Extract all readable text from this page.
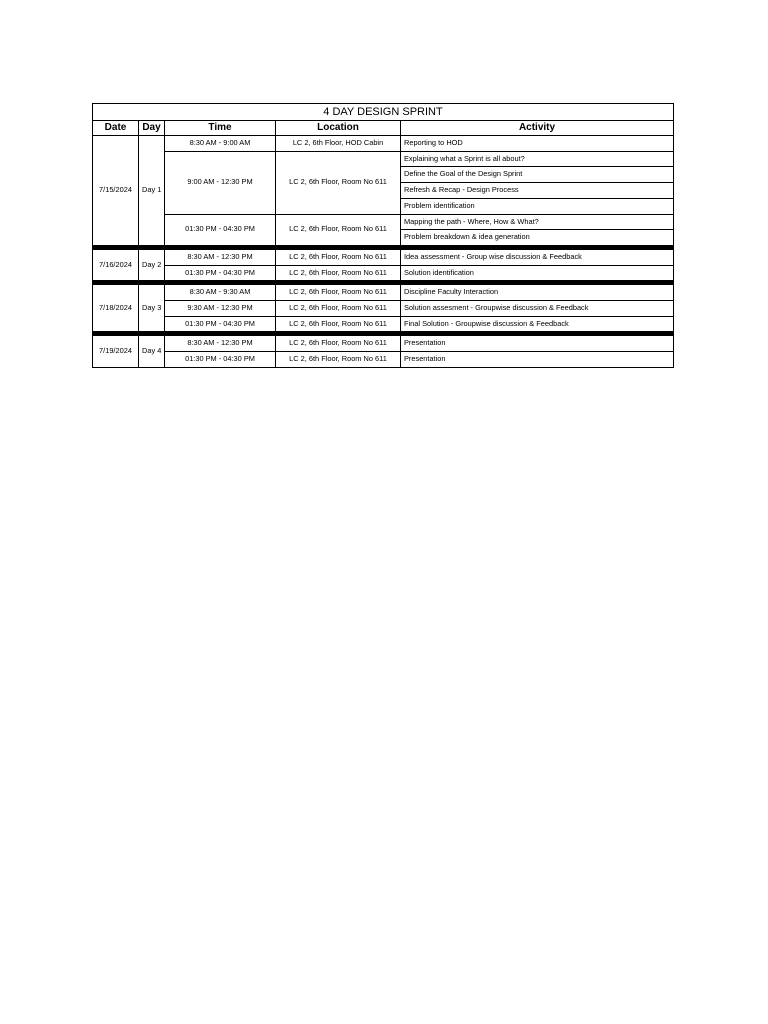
4 DAY DESIGN SPRINT				
Date	Day	Time	Location	Activity
7/15/2024	Day 1	8:30 AM - 9:00 AM	LC 2, 6th Floor, HOD Cabin	Reporting to HOD
		9:00 AM - 12:30 PM	LC 2, 6th Floor, Room No 611	Explaining what a Sprint is all about?
				Define the Goal of the Design Sprint
				Refresh & Recap - Design Process
				Problem identification
		01:30 PM - 04:30 PM	LC 2, 6th Floor, Room No 611	Mapping the path - Where, How & What?
				Problem breakdown & idea generation

7/16/2024	Day 2	8:30 AM - 12:30 PM	LC 2, 6th Floor, Room No 611	Idea assessment - Group wise discussion & Feedback
		01:30 PM - 04:30 PM	LC 2, 6th Floor, Room No 611	Solution identification

7/18/2024	Day 3	8:30 AM - 9:30 AM	LC 2, 6th Floor, Room No 611	Discipline Faculty Interaction
		9:30 AM - 12:30 PM	LC 2, 6th Floor, Room No 611	Solution assesment - Groupwise discussion & Feedback
		01:30 PM - 04:30 PM	LC 2, 6th Floor, Room No 611	Final Solution - Groupwise discussion & Feedback

7/19/2024	Day 4	8:30 AM - 12:30 PM	LC 2, 6th Floor, Room No 611	Presentation
		01:30 PM - 04:30 PM	LC 2, 6th Floor, Room No 611	Presentation
